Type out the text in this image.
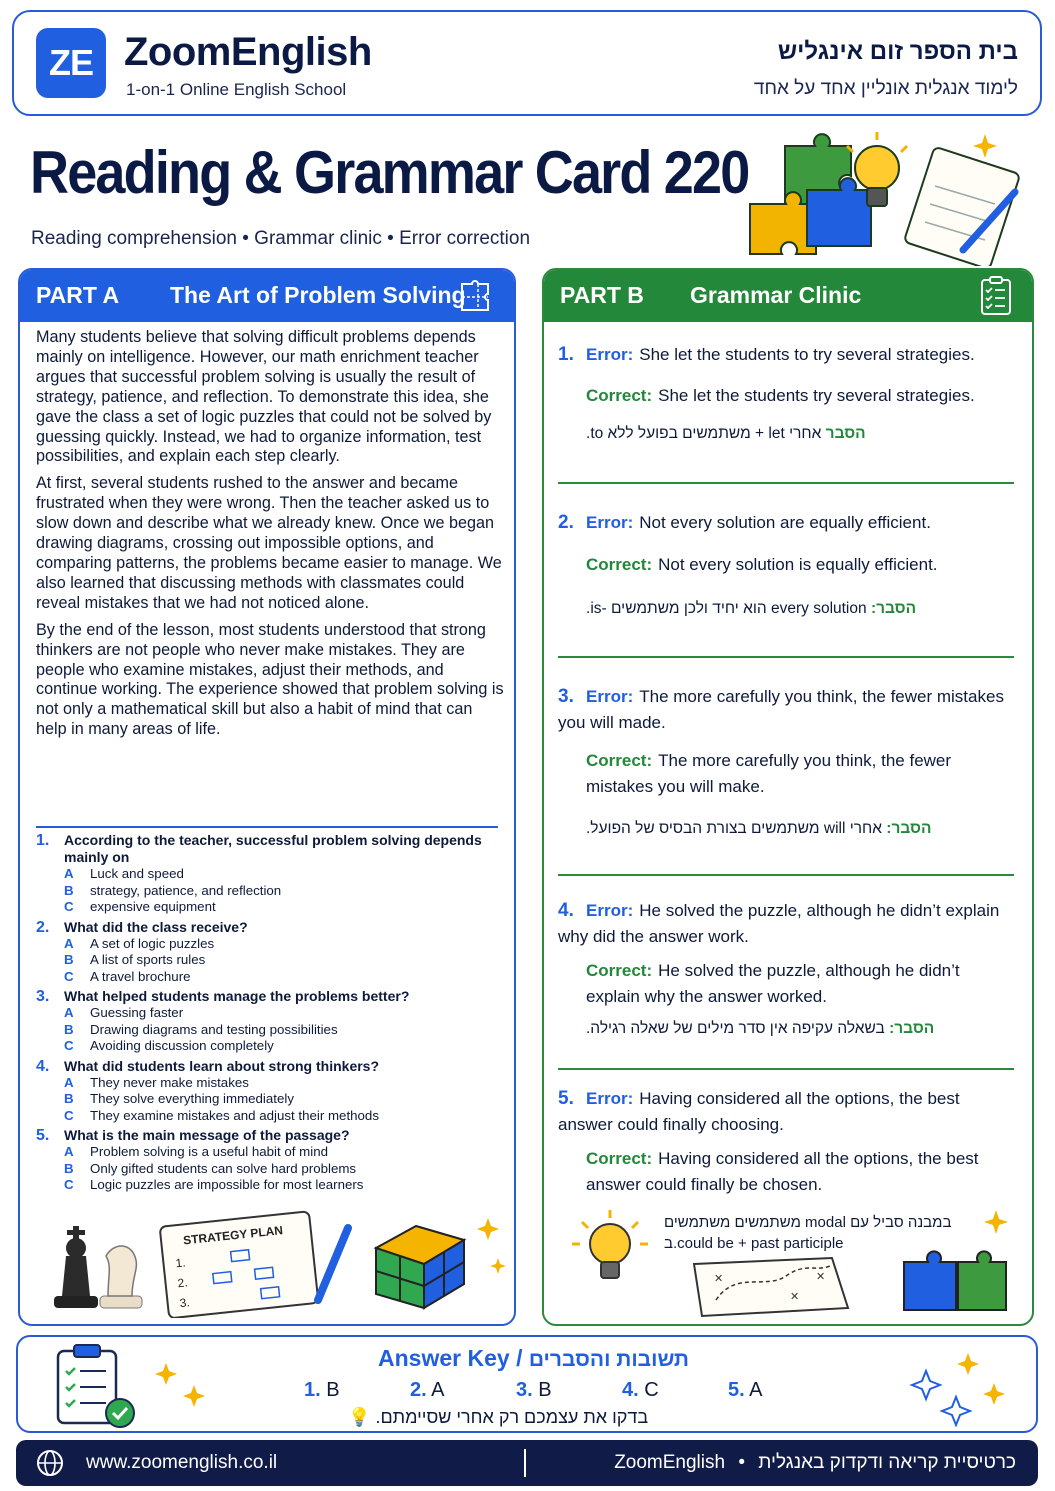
ZE ZoomEnglish
1-on-1 Online English School
בית הספר זום אינגליש
לימוד אנגלית אונליין אחד על אחד
Reading & Grammar Card 220
Reading comprehension • Grammar clinic • Error correction
PART A The Art of Problem Solving

Many students believe that solving difficult problems depends mainly on intelligence. However, our math enrichment teacher argues that successful problem solving is usually the result of strategy, patience, and reflection. To demonstrate this idea, she gave the class a set of logic puzzles that could not be solved by guessing quickly. Instead, we had to organize information, test possibilities, and explain each step clearly.

At first, several students rushed to the answer and became frustrated when they were wrong. Then the teacher asked us to slow down and describe what we already knew. Once we began drawing diagrams, crossing out impossible options, and comparing patterns, the problems became easier to manage. We also learned that discussing methods with classmates could reveal mistakes that we had not noticed alone.

By the end of the lesson, most students understood that strong thinkers are not people who never make mistakes. They are people who examine mistakes, adjust their methods, and continue working. The experience showed that problem solving is not only a mathematical skill but also a habit of mind that can help in many areas of life.

1.	According to the teacher, successful problem solving depends mainly on
A	Luck and speed
B	strategy, patience, and reflection
C	expensive equipment
2.	What did the class receive?
A	A set of logic puzzles
B	A list of sports rules
C	A travel brochure
3.	What helped students manage the problems better?
A	Guessing faster
B	Drawing diagrams and testing possibilities
C	Avoiding discussion completely
4.	What did students learn about strong thinkers?
A	They never make mistakes
B	They solve everything immediately
C	They examine mistakes and adjust their methods
5.	What is the main message of the passage?
A	Problem solving is a useful habit of mind
B	Only gifted students can solve hard problems
C	Logic puzzles are impossible for most learners
STRATEGY PLAN
1.
2.
3.
PART B Grammar Clinic
1. Error: She let the students to try several strategies.
Correct: She let the students try several strategies.
הסבר אחרי let + משתמשים בפועל ללא to.
2. Error: Not every solution are equally efficient.
Correct: Not every solution is equally efficient.
הסבר: every solution הוא יחיד ולכן משתמשים -is.
3. Error: The more carefully you think, the fewer mistakes you will made.
Correct: The more carefully you think, the fewer mistakes you will make.
הסבר: אחרי will משתמשים בצורת הבסיס של הפועל.
4. Error: He solved the puzzle, although he didn’t explain why did the answer work.
Correct: He solved the puzzle, although he didn’t explain why the answer worked.
הסבר: בשאלה עקיפה אין סדר מילים של שאלה רגילה.
5. Error: Having considered all the options, the best answer could finally choosing.
Correct: Having considered all the options, the best answer could finally be chosen.
✕
✕
✕
במבנה סביל עם modal משתמשים משתמשים could be + past participle.ב
Answer Key / תשובות והסברים
1. B	2. A	3. B	4. C	5. A
בדקו את עצמכם רק אחרי שסיימתם. 💡
www.zoomenglish.co.il	כרטיסיית קריאה ודקדוק באנגלית • ZoomEnglish
